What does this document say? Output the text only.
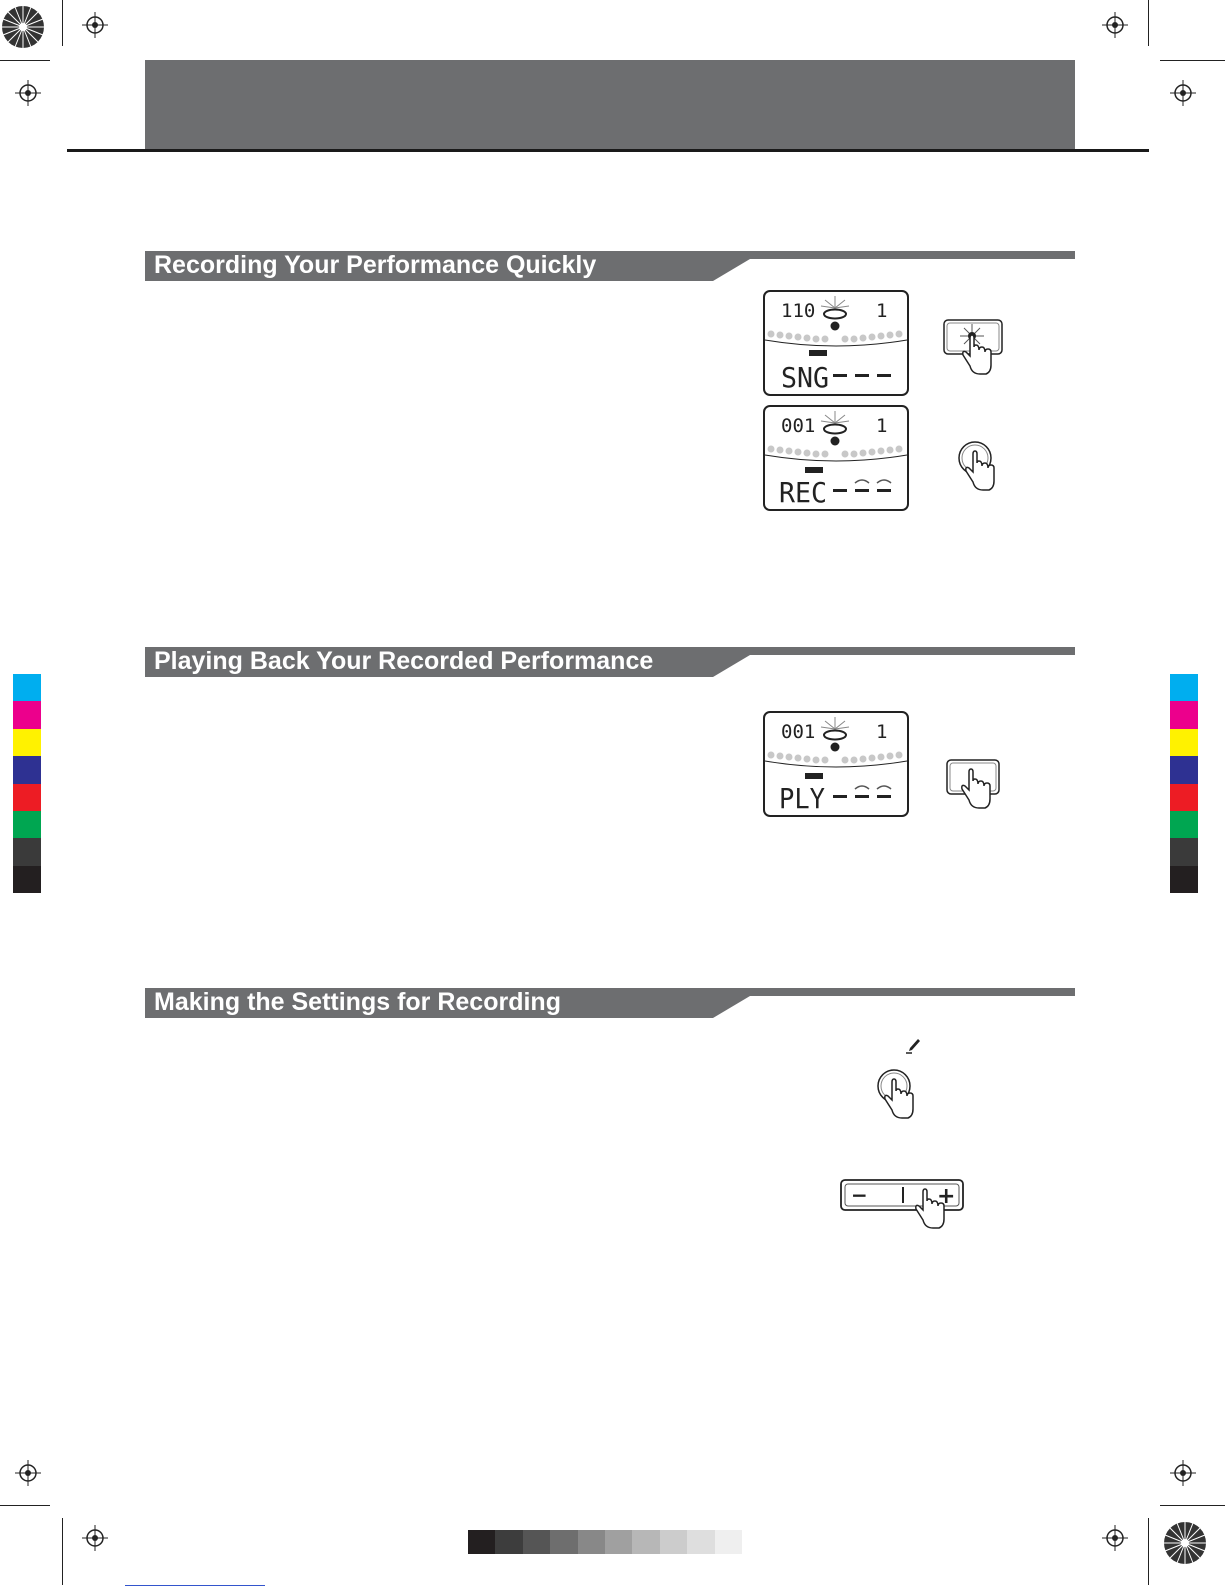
Recording Your Performance Quickly
Playing Back Your Recorded Performance
Making the Settings for Recording
110	1
SNG
001	1
REC
001	1
PLY
−	+
